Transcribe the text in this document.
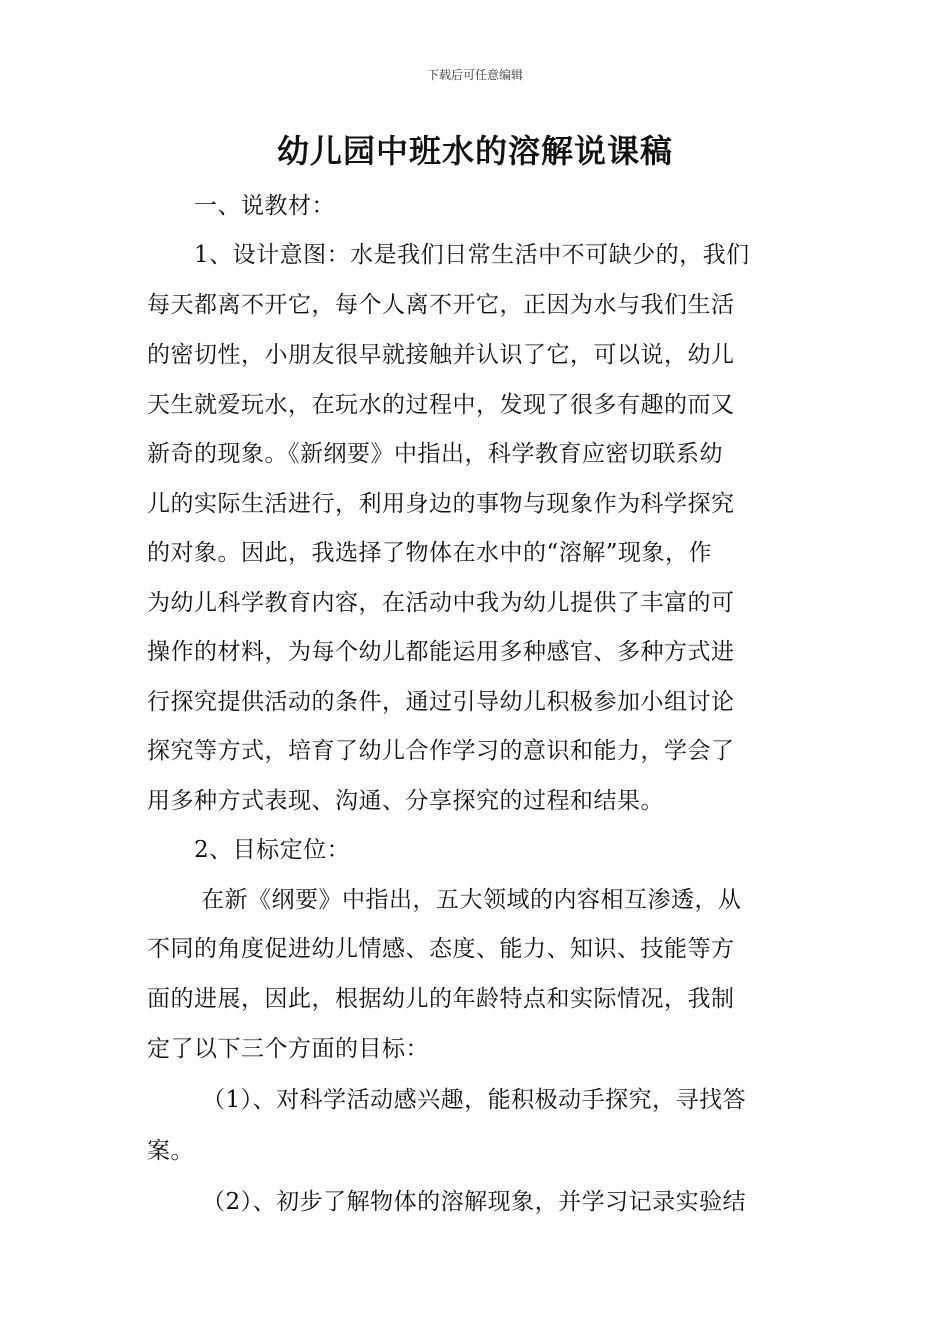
下载后可任意编辑
幼儿园中班水的溶解说课稿
一、说教材：
1、设计意图：水是我们日常生活中不可缺少的，我们
每天都离不开它，每个人离不开它，正因为水与我们生活
的密切性，小朋友很早就接触并认识了它，可以说，幼儿
天生就爱玩水，在玩水的过程中，发现了很多有趣的而又
新奇的现象。《新纲要》中指出，科学教育应密切联系幼
儿的实际生活进行，利用身边的事物与现象作为科学探究
的对象。因此，我选择了物体在水中的“溶解”现象，作
为幼儿科学教育内容，在活动中我为幼儿提供了丰富的可
操作的材料，为每个幼儿都能运用多种感官、多种方式进
行探究提供活动的条件，通过引导幼儿积极参加小组讨论
探究等方式，培育了幼儿合作学习的意识和能力，学会了
用多种方式表现、沟通、分享探究的过程和结果。
2、目标定位：
在新《纲要》中指出，五大领域的内容相互渗透，从
不同的角度促进幼儿情感、态度、能力、知识、技能等方
面的进展，因此，根据幼儿的年龄特点和实际情况，我制
定了以下三个方面的目标：
（1）、对科学活动感兴趣，能积极动手探究，寻找答
案。
（2）、初步了解物体的溶解现象，并学习记录实验结
